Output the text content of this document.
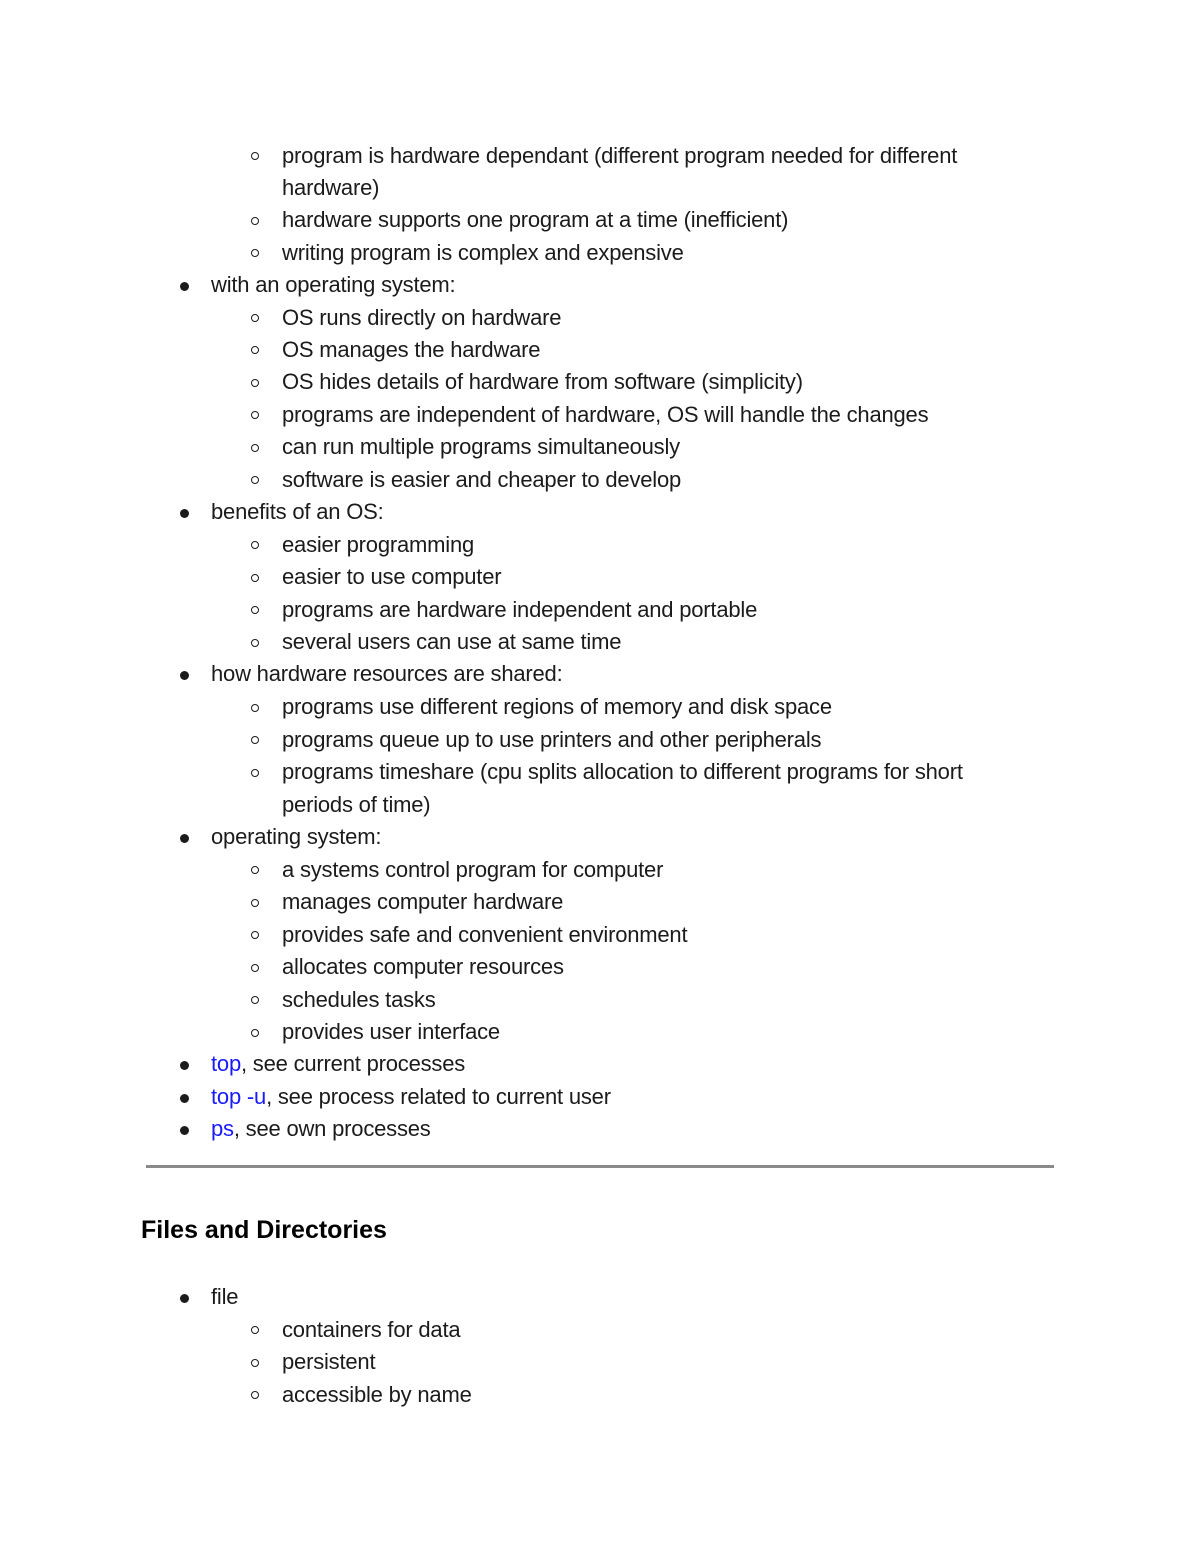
program is hardware dependant (different program needed for different
hardware)
hardware supports one program at a time (inefficient)
writing program is complex and expensive
with an operating system:
OS runs directly on hardware
OS manages the hardware
OS hides details of hardware from software (simplicity)
programs are independent of hardware, OS will handle the changes
can run multiple programs simultaneously
software is easier and cheaper to develop
benefits of an OS:
easier programming
easier to use computer
programs are hardware independent and portable
several users can use at same time
how hardware resources are shared:
programs use different regions of memory and disk space
programs queue up to use printers and other peripherals
programs timeshare (cpu splits allocation to different programs for short
periods of time)
operating system:
a systems control program for computer
manages computer hardware
provides safe and convenient environment
allocates computer resources
schedules tasks
provides user interface
top, see current processes
top -u, see process related to current user
ps, see own processes
Files and Directories
file
containers for data
persistent
accessible by name
